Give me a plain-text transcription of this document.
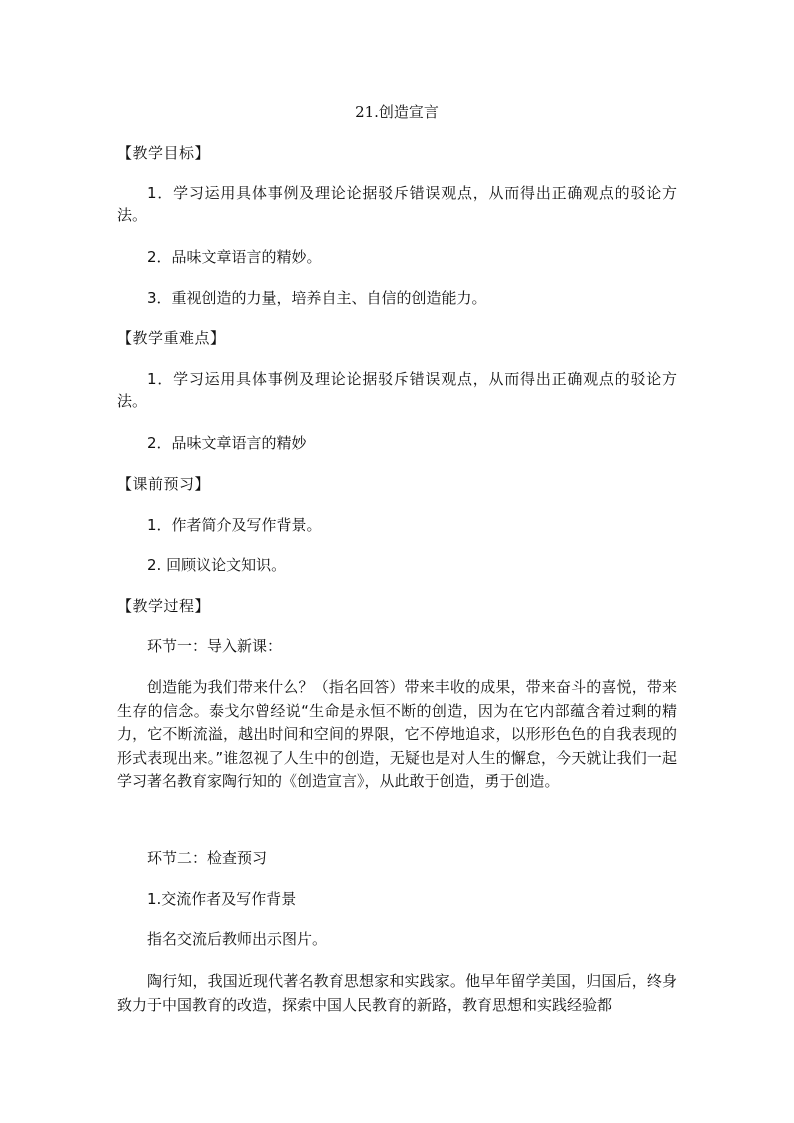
21.创造宣言

【教学目标】

1．学习运用具体事例及理论论据驳斥错误观点，从而得出正确观点的驳论方法。

2．品味文章语言的精妙。

3．重视创造的力量，培养自主、自信的创造能力。

【教学重难点】

1．学习运用具体事例及理论论据驳斥错误观点，从而得出正确观点的驳论方法。

2．品味文章语言的精妙

【课前预习】

1．作者简介及写作背景。

2. 回顾议论文知识。

【教学过程】

环节一：导入新课：

创造能为我们带来什么？（指名回答）带来丰收的成果，带来奋斗的喜悦，带来生存的信念。泰戈尔曾经说“生命是永恒不断的创造，因为在它内部蕴含着过剩的精力，它不断流溢，越出时间和空间的界限，它不停地追求，以形形色色的自我表现的形式表现出来。”谁忽视了人生中的创造，无疑也是对人生的懈怠，今天就让我们一起学习著名教育家陶行知的《创造宣言》，从此敢于创造，勇于创造。

环节二：检查预习

1.交流作者及写作背景

指名交流后教师出示图片。

陶行知，我国近现代著名教育思想家和实践家。他早年留学美国，归国后，终身致力于中国教育的改造，探索中国人民教育的新路，教育思想和实践经验都
